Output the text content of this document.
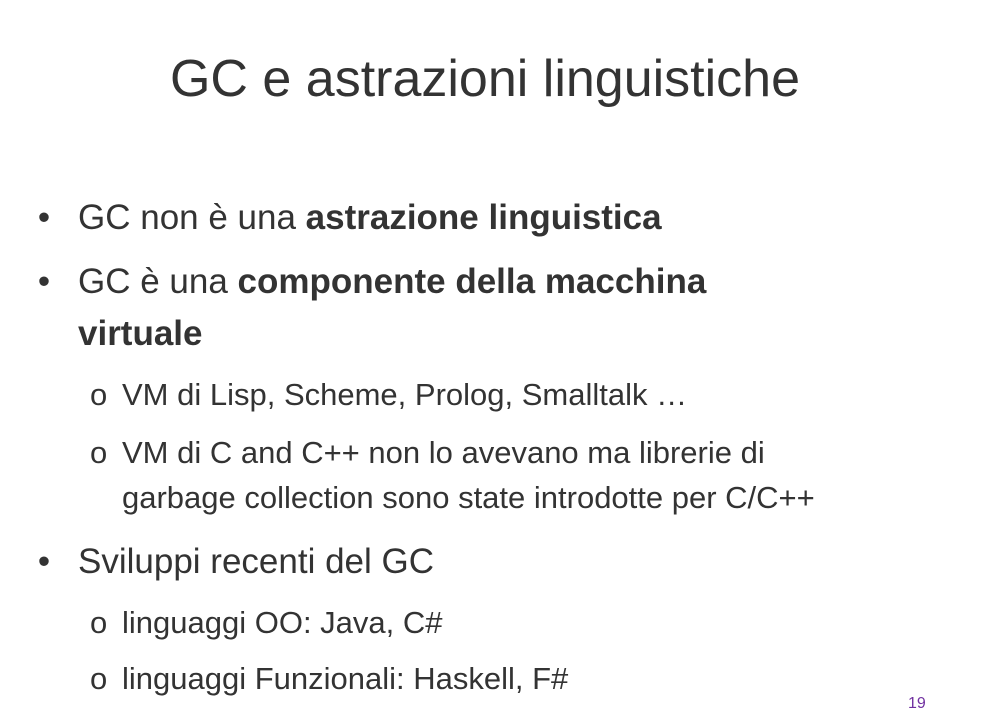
GC e astrazioni linguistiche
• GC non è una astrazione linguistica
• GC è una componente della macchina
virtuale
o VM di Lisp, Scheme, Prolog, Smalltalk …
o VM di C and C++ non lo avevano ma librerie di
garbage collection sono state introdotte per C/C++
• Sviluppi recenti del GC
o linguaggi OO: Java, C#
o linguaggi Funzionali: Haskell, F#
19
